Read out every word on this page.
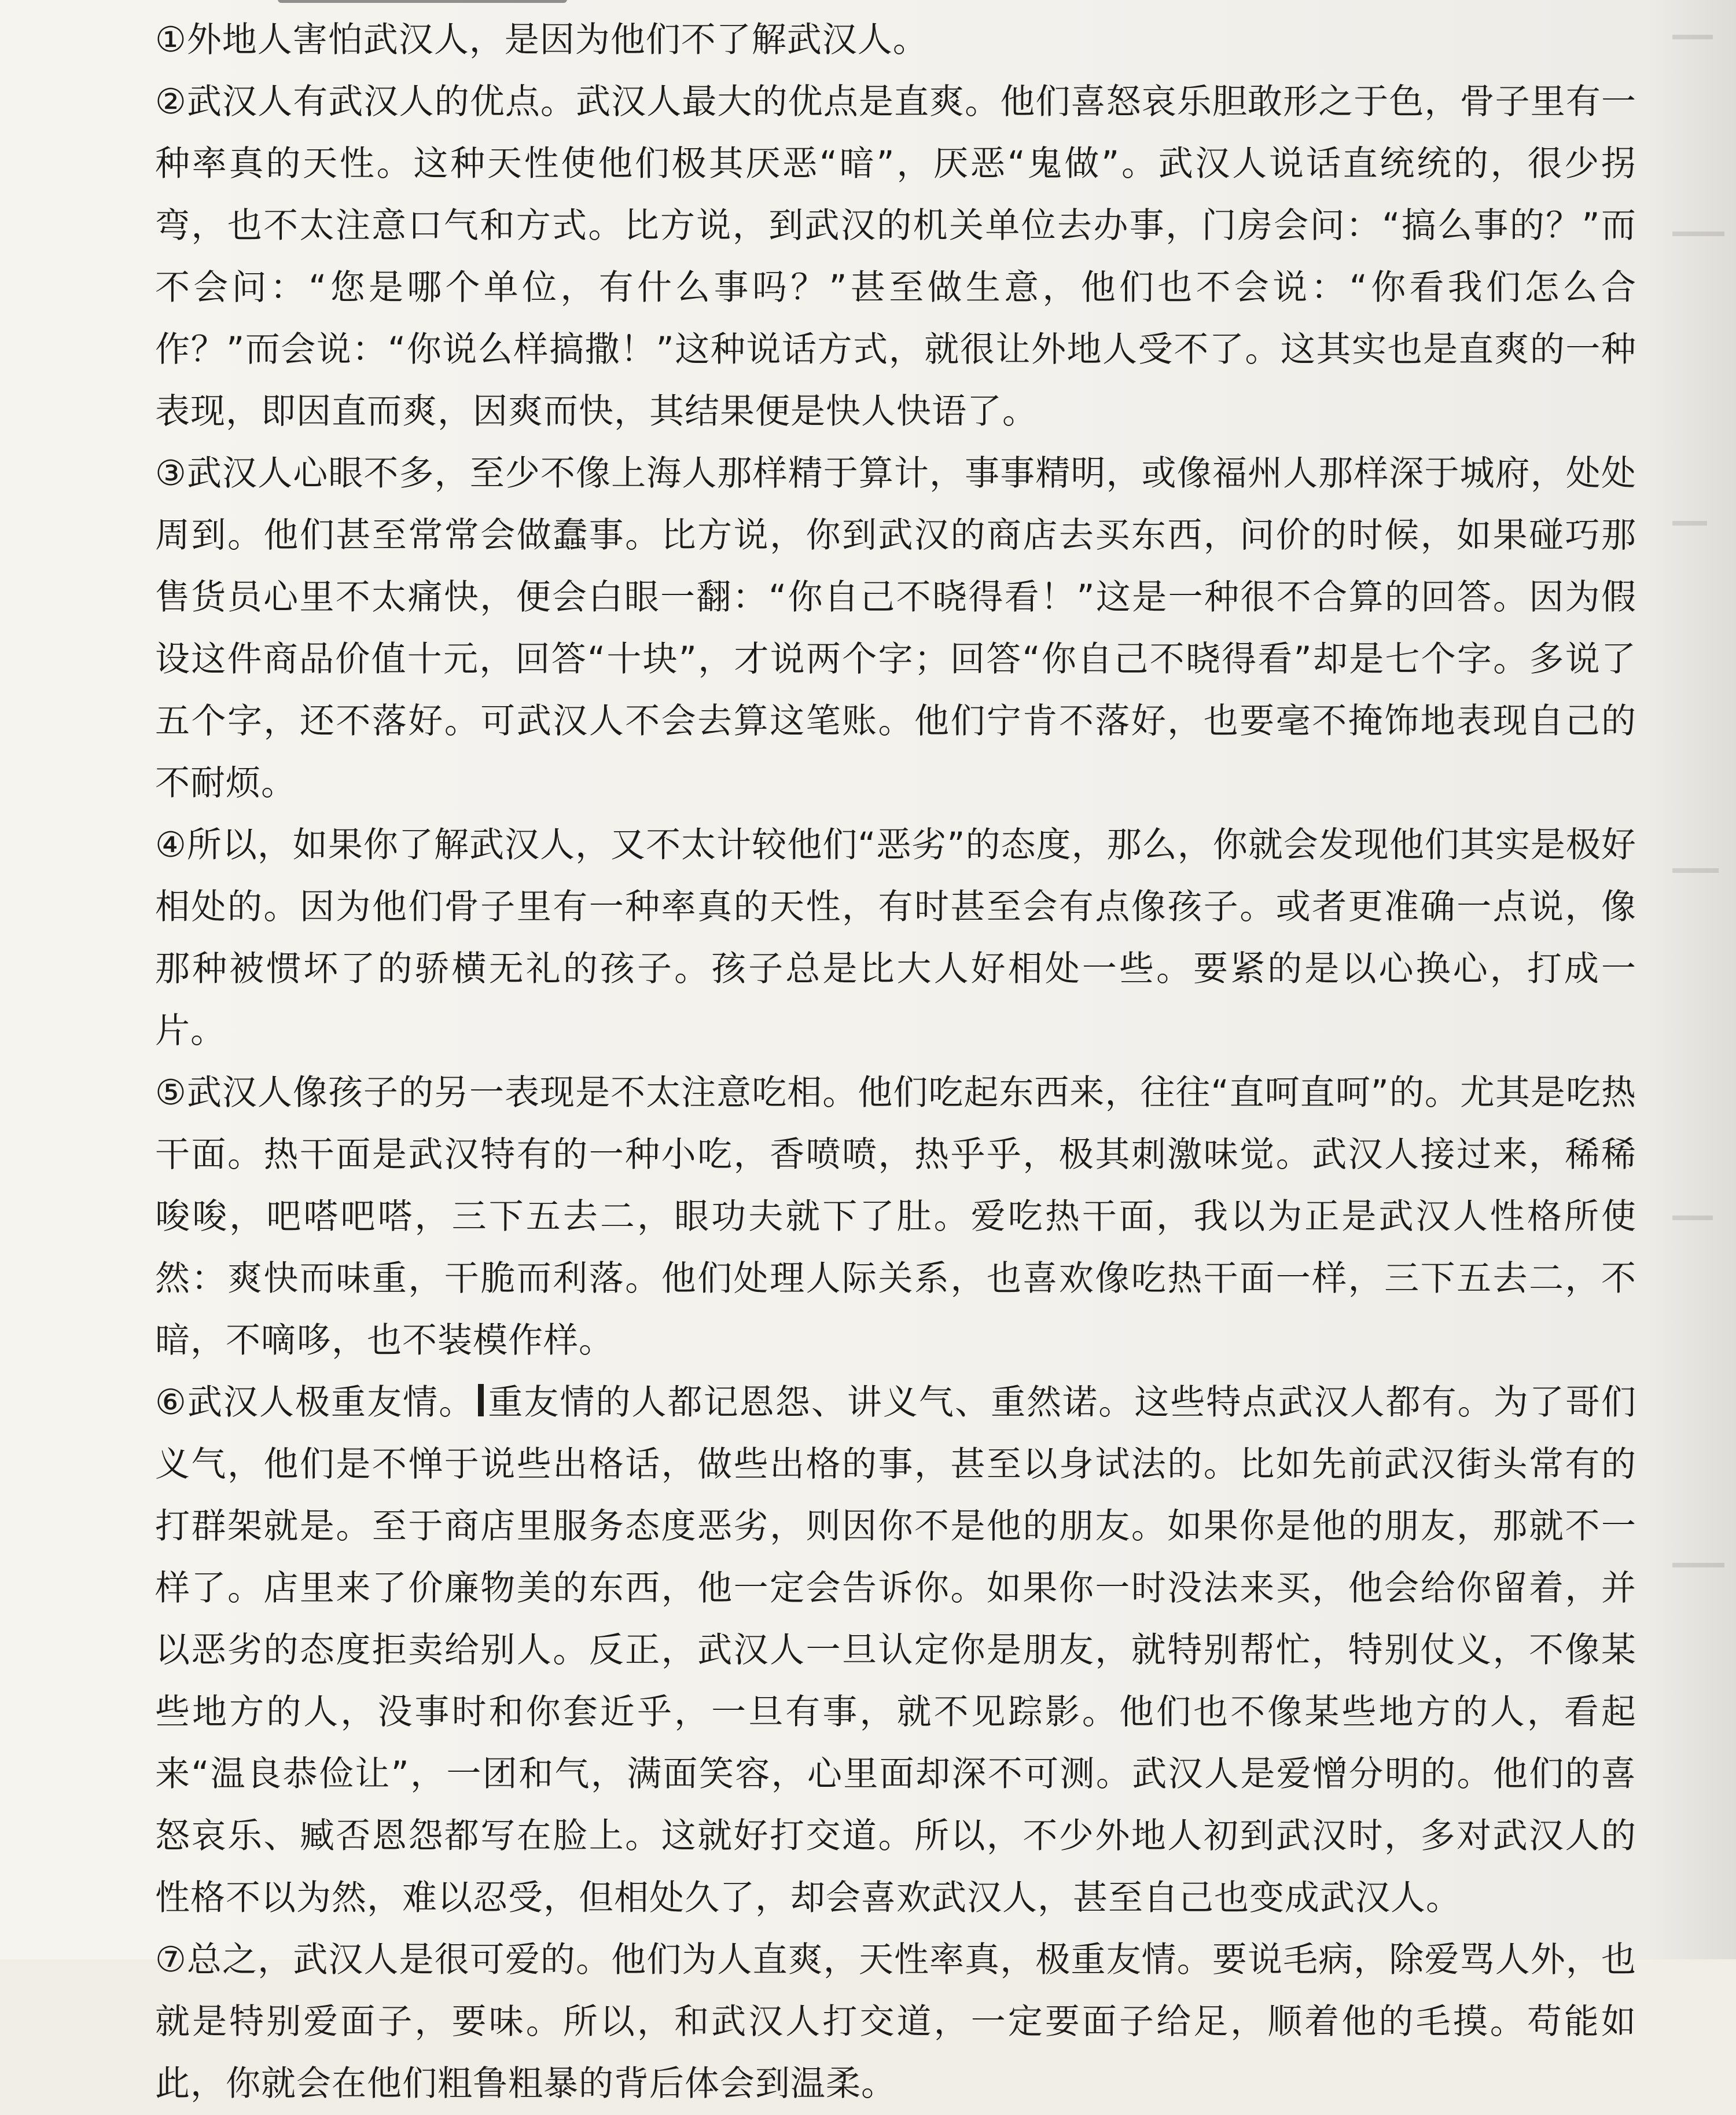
①外地人害怕武汉人，是因为他们不了解武汉人。

②武汉人有武汉人的优点。武汉人最大的优点是直爽。他们喜怒哀乐胆敢形之于色，骨子里有一种率真的天性。这种天性使他们极其厌恶“暗”，厌恶“鬼做”。武汉人说话直统统的，很少拐弯，也不太注意口气和方式。比方说，到武汉的机关单位去办事，门房会问：“搞么事的？”而不会问：“您是哪个单位，有什么事吗？”甚至做生意，他们也不会说：“你看我们怎么合作？”而会说：“你说么样搞撒！”这种说话方式，就很让外地人受不了。这其实也是直爽的一种表现，即因直而爽，因爽而快，其结果便是快人快语了。

③武汉人心眼不多，至少不像上海人那样精于算计，事事精明，或像福州人那样深于城府，处处周到。他们甚至常常会做蠢事。比方说，你到武汉的商店去买东西，问价的时候，如果碰巧那售货员心里不太痛快，便会白眼一翻：“你自己不晓得看！”这是一种很不合算的回答。因为假设这件商品价值十元，回答“十块”，才说两个字；回答“你自己不晓得看”却是七个字。多说了五个字，还不落好。可武汉人不会去算这笔账。他们宁肯不落好，也要毫不掩饰地表现自己的不耐烦。

④所以，如果你了解武汉人，又不太计较他们“恶劣”的态度，那么，你就会发现他们其实是极好相处的。因为他们骨子里有一种率真的天性，有时甚至会有点像孩子。或者更准确一点说，像那种被惯坏了的骄横无礼的孩子。孩子总是比大人好相处一些。要紧的是以心换心，打成一片。

⑤武汉人像孩子的另一表现是不太注意吃相。他们吃起东西来，往往“直呵直呵”的。尤其是吃热干面。热干面是武汉特有的一种小吃，香喷喷，热乎乎，极其刺激味觉。武汉人接过来，稀稀唆唆，吧嗒吧嗒，三下五去二，眼功夫就下了肚。爱吃热干面，我以为正是武汉人性格所使然：爽快而味重，干脆而利落。他们处理人际关系，也喜欢像吃热干面一样，三下五去二，不暗，不嘀哆，也不装模作样。

⑥武汉人极重友情。 重友情的人都记恩怨、讲义气、重然诺。这些特点武汉人都有。为了哥们义气，他们是不惮于说些出格话，做些出格的事，甚至以身试法的。比如先前武汉街头常有的打群架就是。至于商店里服务态度恶劣，则因你不是他的朋友。如果你是他的朋友，那就不一样了。店里来了价廉物美的东西，他一定会告诉你。如果你一时没法来买，他会给你留着，并以恶劣的态度拒卖给别人。反正，武汉人一旦认定你是朋友，就特别帮忙，特别仗义，不像某些地方的人，没事时和你套近乎，一旦有事，就不见踪影。他们也不像某些地方的人，看起来“温良恭俭让”，一团和气，满面笑容，心里面却深不可测。武汉人是爱憎分明的。他们的喜怒哀乐、臧否恩怨都写在脸上。这就好打交道。所以，不少外地人初到武汉时，多对武汉人的性格不以为然，难以忍受，但相处久了，却会喜欢武汉人，甚至自己也变成武汉人。

⑦总之，武汉人是很可爱的。他们为人直爽，天性率真，极重友情。要说毛病，除爱骂人外，也就是特别爱面子，要味。所以，和武汉人打交道，一定要面子给足，顺着他的毛摸。苟能如此，你就会在他们粗鲁粗暴的背后体会到温柔。
